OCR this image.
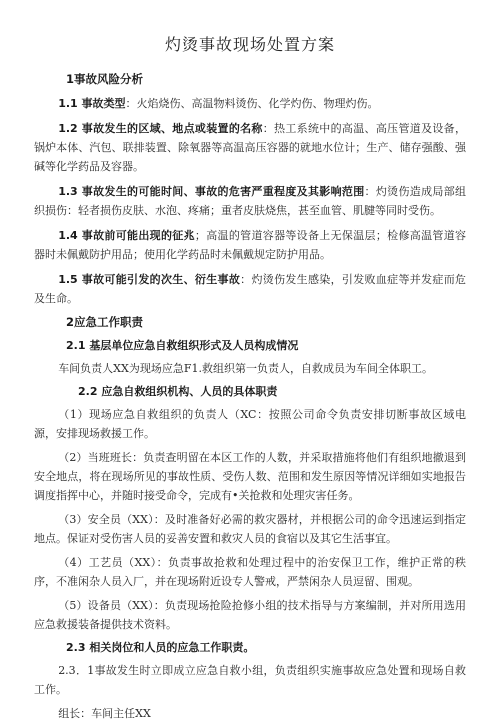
灼烫事故现场处置方案
1事故风险分析

1.1 事故类型：火焰烧伤、高温物料烫伤、化学灼伤、物理灼伤。

1.2 事故发生的区域、地点或装置的名称：热工系统中的高温、高压管道及设备，锅炉本体、汽包、联排装置、除氧器等高温高压容器的就地水位计；生产、储存强酸、强碱等化学药品及容器。

1.3 事故发生的可能时间、事故的危害严重程度及其影响范围：灼烫伤造成局部组织损伤：轻者损伤皮肤、水泡、疼痛；重者皮肤烧焦，甚至血管、肌腱等同时受伤。

1.4 事故前可能出现的征兆；高温的管道容器等设备上无保温层；检修高温管道容器时未佩戴防护用品；使用化学药品时未佩戴规定防护用品。

1.5 事故可能引发的次生、衍生事故：灼烫伤发生感染，引发败血症等并发症而危及生命。

2应急工作职责
2.1 基层单位应急自救组织形式及人员构成情况

车间负责人XX为现场应急F1.救组织第一负责人，自救成员为车间全体职工。

2.2 应急自救组织机构、人员的具体职责

（1）现场应急自救组织的负责人（XC：按照公司命令负责安排切断事故区域电源，安排现场救援工作。

（2）当班班长：负责查明留在本区工作的人数，并采取措施将他们有组织地撤退到安全地点，将在现场所见的事故性质、受伤人数、范围和发生原因等情况详细如实地报告调度指挥中心，并随时接受命令，完成有•关抢救和处理灾害任务。

（3）安全员（XX）：及时准备好必需的救灾器材，并根据公司的命令迅速运到指定地点。保证对受伤害人员的妥善安置和救灾人员的食宿以及其它生活事宜。

（4）工艺员（XX）：负责事故抢救和处理过程中的治安保卫工作，维护正常的秩序，不准闲杂人员入厂，并在现场附近设专人警戒，严禁闲杂人员逗留、围观。

（5）设备员（XX）：负责现场抢险抢修小组的技术指导与方案编制，并对所用选用应急救援装备提供技术资料。

2.3 相关岗位和人员的应急工作职责。

2.3．1事故发生时立即成立应急自救小组，负责组织实施事故应急处置和现场自救工作。

组长：车间主任XX
